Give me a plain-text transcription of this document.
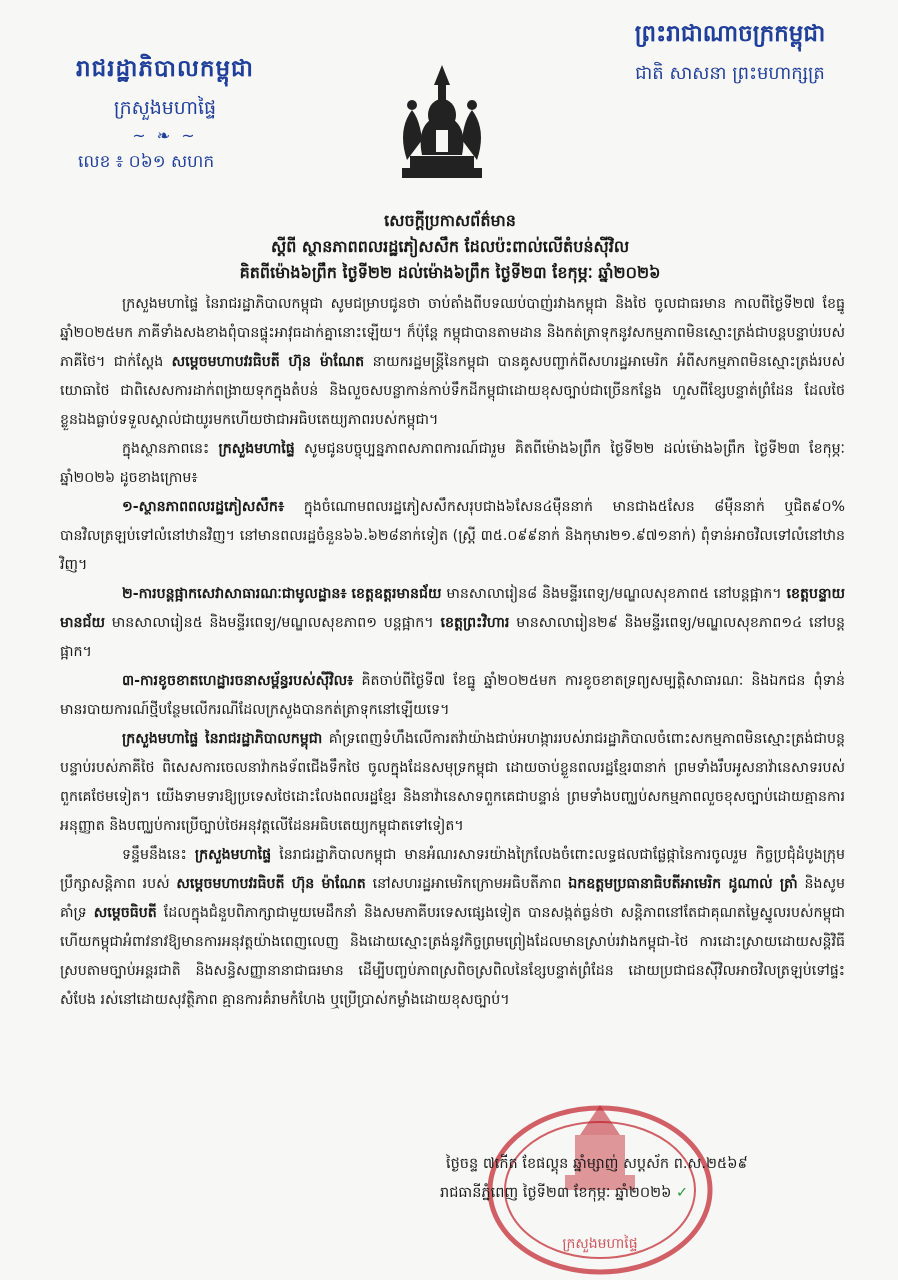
រាជរដ្ឋាភិបាលកម្ពុជា
ក្រសួងមហាផ្ទៃ
~ ❧ ~
លេខ ៖ ០៦១ សហក
ព្រះរាជាណាចក្រកម្ពុជា
ជាតិ សាសនា ព្រះមហាក្សត្រ
សេចក្ដីប្រកាសព័ត៌មាន
ស្ដីពី ស្ថានភាពពលរដ្ឋភៀសសឹក ដែលប៉ះពាល់លើតំបន់ស៊ីវិល
គិតពីម៉ោង៦ព្រឹក ថ្ងៃទី២២ ដល់ម៉ោង៦ព្រឹក ថ្ងៃទី២៣ ខែកុម្ភៈ ឆ្នាំ២០២៦

ក្រសួងមហាផ្ទៃ នៃរាជរដ្ឋាភិបាលកម្ពុជា សូមជម្រាបជូនថា ចាប់តាំងពីបទឈប់បាញ់រវាងកម្ពុជា និងថៃ ចូលជាធរមាន កាលពីថ្ងៃទី២៧ ខែធ្នូ ឆ្នាំ២០២៥មក ភាគីទាំងសងខាងពុំបានផ្ទុះអាវុធដាក់គ្នានោះឡើយ។ ក៏ប៉ុន្តែ កម្ពុជាបានតាមដាន និងកត់ត្រាទុកនូវសកម្មភាពមិនស្មោះត្រង់ជាបន្តបន្ទាប់របស់ភាគីថៃ។ ជាក់ស្ដែង សម្ដេចមហាបវរធិបតី ហ៊ុន ម៉ាណែត នាយករដ្ឋមន្ត្រីនៃកម្ពុជា បានគូសបញ្ជាក់ពីសហរដ្ឋអាមេរិក អំពីសកម្មភាពមិនស្មោះត្រង់របស់យោធាថៃ ជាពិសេសការដាក់ពង្រាយទុកក្នុងតំបន់ និងលួចសបន្លាកាន់កាប់ទឹកដីកម្ពុជាដោយខុសច្បាប់ជាច្រើនកន្លែង ហួសពីខ្សែបន្ទាត់ព្រំដែន ដែលថៃខ្លួនឯងធ្លាប់ទទួលស្គាល់ជាយូរមកហើយថាជាអធិបតេយ្យភាពរបស់កម្ពុជា។

ក្នុងស្ថានភាពនេះ ក្រសួងមហាផ្ទៃ សូមជូនបច្ចុប្បន្នភាពសភាពការណ៍ជារួម គិតពីម៉ោង៦ព្រឹក ថ្ងៃទី២២ ដល់ម៉ោង៦ព្រឹក ថ្ងៃទី២៣ ខែកុម្ភៈ ឆ្នាំ២០២៦ ដូចខាងក្រោម៖

១-ស្ថានភាពពលរដ្ឋភៀសសឹក៖ ក្នុងចំណោមពលរដ្ឋភៀសសឹកសរុបជាង៦សែន៤ម៉ឺននាក់ មានជាង៥សែន ៨ម៉ឺននាក់ ឬជិត៩០% បានវិលត្រឡប់ទៅលំនៅឋានវិញ។ នៅមានពលរដ្ឋចំនួន៦៦.៦២៨នាក់ទៀត (ស្ត្រី ៣៥.០៩៩នាក់ និងកុមារ២១.៩៧១នាក់) ពុំទាន់អាចវិលទៅលំនៅឋានវិញ។

២-ការបន្តផ្អាកសេវាសាធារណៈជាមូលដ្ឋាន៖ ខេត្តឧត្ដរមានជ័យ មានសាលារៀន៨ និងមន្ទីរពេទ្យ/មណ្ឌលសុខភាព៥ នៅបន្តផ្អាក។ ខេត្តបន្ទាយមានជ័យ មានសាលារៀន៥ និងមន្ទីរពេទ្យ/មណ្ឌលសុខភាព១ បន្តផ្អាក។ ខេត្តព្រះវិហារ មានសាលារៀន២៩ និងមន្ទីរពេទ្យ/មណ្ឌលសុខភាព១៤ នៅបន្តផ្អាក។

៣-ការខូចខាតហេដ្ឋារចនាសម្ព័ន្ធរបស់ស៊ីវិល៖ គិតចាប់ពីថ្ងៃទី៧ ខែធ្នូ ឆ្នាំ២០២៥មក ការខូចខាតទ្រព្យសម្បត្តិសាធារណៈ និងឯកជន ពុំទាន់មានរបាយការណ៍ថ្មីបន្ថែមលើករណីដែលក្រសួងបានកត់ត្រាទុកនៅឡើយទេ។

ក្រសួងមហាផ្ទៃ នៃរាជរដ្ឋាភិបាលកម្ពុជា គាំទ្រពេញទំហឹងលើការតវ៉ាយ៉ាងជាប់អហង្ការរបស់រាជរដ្ឋាភិបាលចំពោះសកម្មភាពមិនស្មោះត្រង់ជាបន្តបន្ទាប់របស់ភាគីថៃ ពិសេសការចេលនាវ៉ាកងទ័ពជើងទឹកថៃ ចូលក្នុងដែនសមុទ្រកម្ពុជា ដោយចាប់ខ្លួនពលរដ្ឋខ្មែរ៣នាក់ ព្រមទាំងរឹបអូសនាវ៉ានេសាទរបស់ពួកគេថែមទៀត។ យើងទាមទារឱ្យប្រទេសថៃដោះលែងពលរដ្ឋខ្មែរ និងនាវ៉ានេសាទពួកគេជាបន្ទាន់ ព្រមទាំងបញ្ឈប់សកម្មភាពលួចខុសច្បាប់ដោយគ្មានការអនុញ្ញាត និងបញ្ឈប់ការប្រើច្បាប់ថៃអនុវត្តលើដែនអធិបតេយ្យកម្ពុជាតទៅទៀត។

ទន្ទឹមនឹងនេះ ក្រសួងមហាផ្ទៃ នៃរាជរដ្ឋាភិបាលកម្ពុជា មានអំណរសាទរយ៉ាងក្រៃលែងចំពោះលទ្ធផលជាផ្លែផ្កានៃការចូលរួម កិច្ចប្រជុំដំបូងក្រុមប្រឹក្សាសន្តិភាព របស់ សម្ដេចមហាបវរធិបតី ហ៊ុន ម៉ាណែត នៅសហរដ្ឋអាមេរិកក្រោមអធិបតីភាព ឯកឧត្តមប្រធានាធិបតីអាមេរិក ដូណាល់ ត្រាំ និងសូមគាំទ្រ សម្ដេចធិបតី ដែលក្នុងជំនួបពិភាក្សាជាមួយមេដឹកនាំ និងសមភាគីបរទេសផ្សេងទៀត បានសង្កត់ធ្ងន់ថា សន្តិភាពនៅតែជាគុណតម្លៃស្នូលរបស់កម្ពុជា ហើយកម្ពុជាអំពាវនាវឱ្យមានការអនុវត្តយ៉ាងពេញលេញ និងដោយស្មោះត្រង់នូវកិច្ចព្រមព្រៀងដែលមានស្រាប់រវាងកម្ពុជា-ថៃ ការដោះស្រាយដោយសន្តិវិធីស្របតាមច្បាប់អន្តរជាតិ និងសន្ធិសញ្ញានានាជាធរមាន ដើម្បីបញ្ចប់ភាពស្រពិចស្រពិលនៃខ្សែបន្ទាត់ព្រំដែន ដោយប្រជាជនស៊ីវិលអាចវិលត្រឡប់ទៅផ្ទះសំបែង រស់នៅដោយសុវត្ថិភាព គ្មានការគំរាមកំហែង ឬប្រើប្រាស់កម្លាំងដោយខុសច្បាប់។

ក្រសួងមហាផ្ទៃ
ថ្ងៃចន្ទ ៧កើត ខែផល្គុន ឆ្នាំម្សាញ់ សប្តស័ក ព.ស.២៥៦៩
រាជធានីភ្នំពេញ ថ្ងៃទី២៣ ខែកុម្ភៈ ឆ្នាំ២០២៦ ✓
